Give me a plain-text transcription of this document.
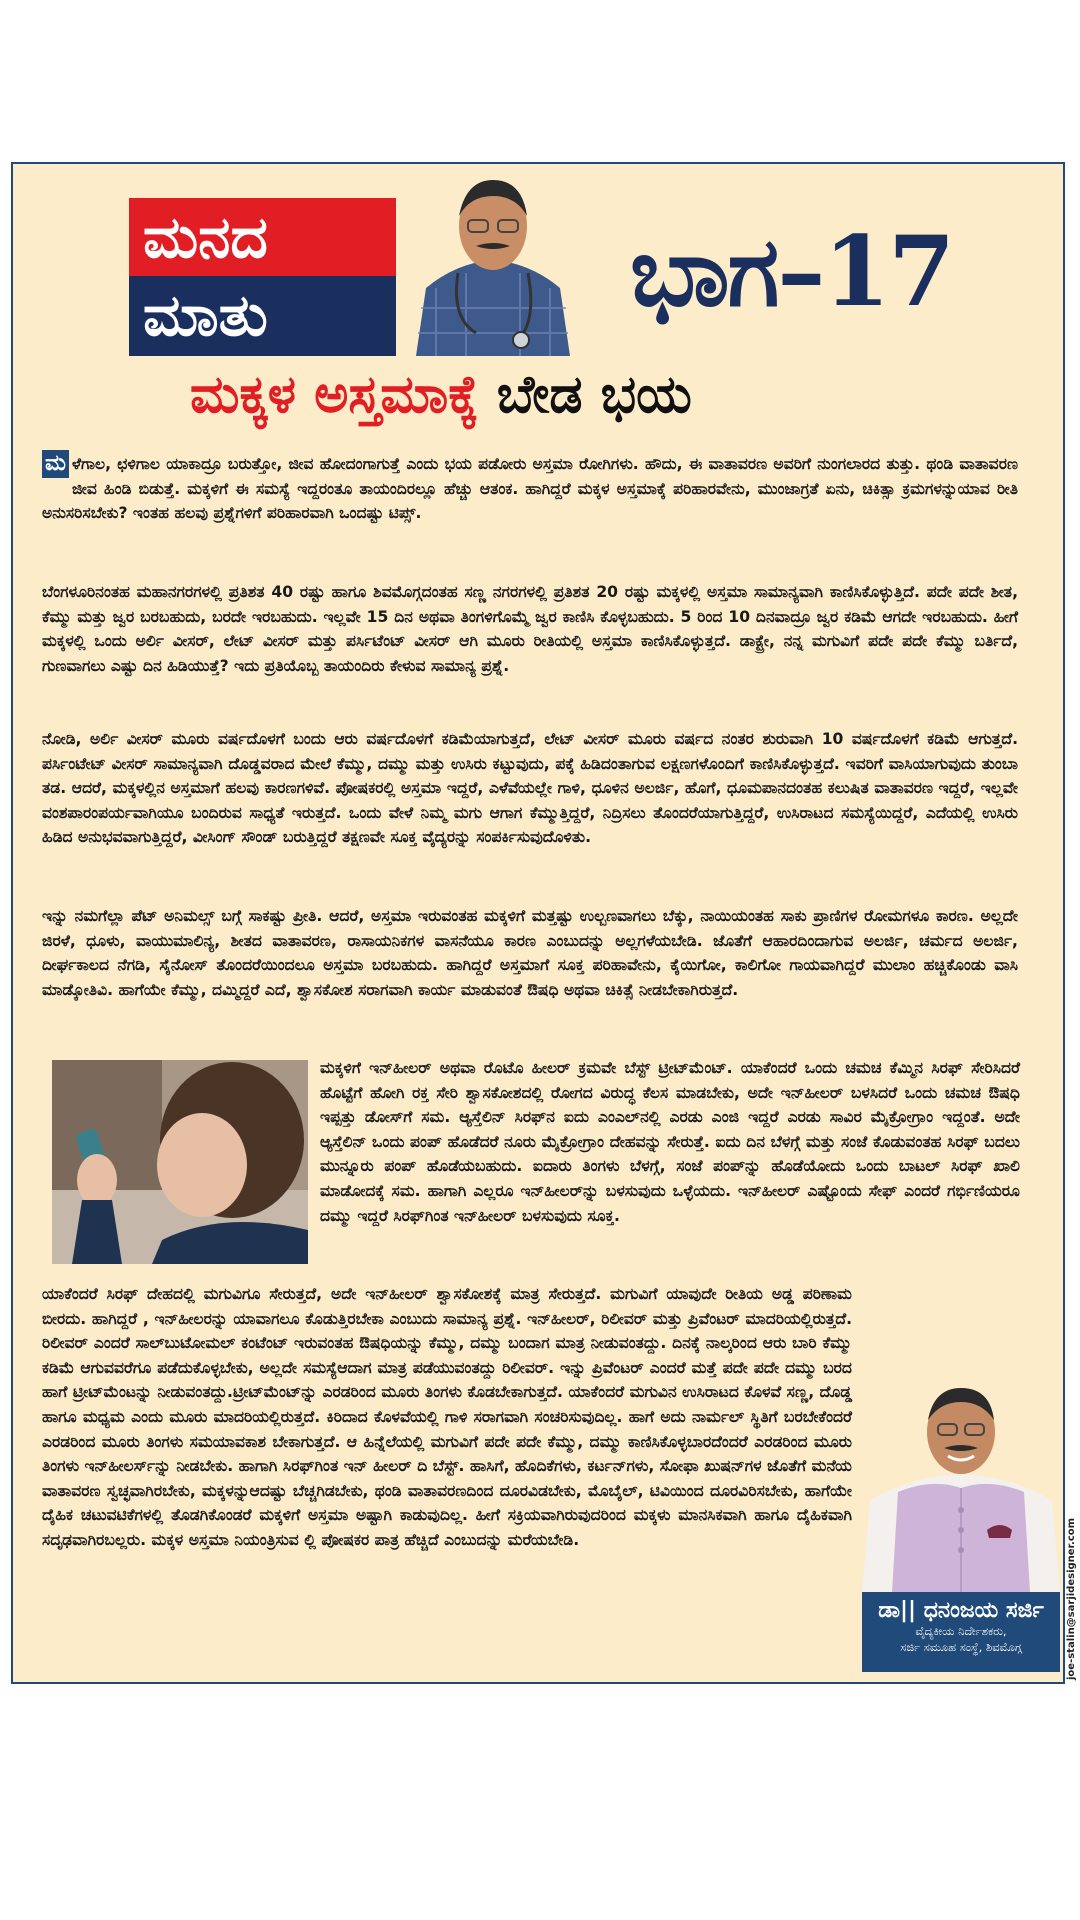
ಮನದ
ಮಾತು	ಭಾಗ–17
ಮಕ್ಕಳ ಅಸ್ತಮಾಕ್ಕೆ ಬೇಡ ಭಯ
ಮ ಳೆಗಾಲ, ಛಳಿಗಾಲ ಯಾಕಾದ್ರೂ ಬರುತ್ತೋ, ಜೀವ ಹೋದಂಗಾಗುತ್ತೆ ಎಂದು ಭಯ ಪಡೋರು ಅಸ್ತಮಾ ರೋಗಿಗಳು. ಹೌದು, ಈ ವಾತಾವರಣ ಅವರಿಗೆ ನುಂಗಲಾರದ ತುತ್ತು. ಥಂಡಿ ವಾತಾವರಣ ಜೀವ ಹಿಂಡಿ ಬಿಡುತ್ತೆ. ಮಕ್ಕಳಿಗೆ ಈ ಸಮಸ್ಯೆ ಇದ್ದರಂತೂ ತಾಯಂದಿರಲ್ಲೂ ಹೆಚ್ಚು ಆತಂಕ. ಹಾಗಿದ್ದರೆ ಮಕ್ಕಳ ಅಸ್ತಮಾಕ್ಕೆ ಪರಿಹಾರವೇನು, ಮುಂಜಾಗ್ರತೆ ಏನು, ಚಿಕಿತ್ಸಾ ಕ್ರಮಗಳನ್ನುಯಾವ ರೀತಿ ಅನುಸರಿಸಬೇಕು? ಇಂತಹ ಹಲವು ಪ್ರಶ್ನೆಗಳಿಗೆ ಪರಿಹಾರವಾಗಿ ಒಂದಷ್ಟು ಟಿಪ್ಸ್.
ಬೆಂಗಳೂರಿನಂತಹ ಮಹಾನಗರಗಳಲ್ಲಿ ಪ್ರತಿಶತ 40 ರಷ್ಟು ಹಾಗೂ ಶಿವಮೊಗ್ಗದಂತಹ ಸಣ್ಣ ನಗರಗಳಲ್ಲಿ ಪ್ರತಿಶತ 20 ರಷ್ಟು ಮಕ್ಕಳಲ್ಲಿ ಅಸ್ತಮಾ ಸಾಮಾನ್ಯವಾಗಿ ಕಾಣಿಸಿಕೊಳ್ಳುತ್ತಿದೆ. ಪದೇ ಪದೇ ಶೀತ, ಕೆಮ್ಮು ಮತ್ತು ಜ್ವರ ಬರಬಹುದು, ಬರದೇ ಇರಬಹುದು. ಇಲ್ಲವೇ 15 ದಿನ ಅಥವಾ ತಿಂಗಳಿಗೊಮ್ಮೆ ಜ್ವರ ಕಾಣಿಸಿ ಕೊಳ್ಳಬಹುದು. 5 ರಿಂದ 10 ದಿನವಾದ್ರೂ ಜ್ವರ ಕಡಿಮೆ ಆಗದೇ ಇರಬಹುದು. ಹೀಗೆ ಮಕ್ಕಳಲ್ಲಿ ಒಂದು ಅರ್ಲಿ ವೀಸರ್, ಲೇಟ್ ವೀಸರ್ ಮತ್ತು ಪರ್ಸಿಟೆಂಟ್ ವೀಸರ್ ಆಗಿ ಮೂರು ರೀತಿಯಲ್ಲಿ ಅಸ್ತಮಾ ಕಾಣಿಸಿಕೊಳ್ಳುತ್ತದೆ. ಡಾಕ್ಟ್ರೇ, ನನ್ನ ಮಗುವಿಗೆ ಪದೇ ಪದೇ ಕೆಮ್ಮು ಬರ್ತಿದೆ, ಗುಣವಾಗಲು ಎಷ್ಟು ದಿನ ಹಿಡಿಯುತ್ತೆ? ಇದು ಪ್ರತಿಯೊಬ್ಬ ತಾಯಂದಿರು ಕೇಳುವ ಸಾಮಾನ್ಯ ಪ್ರಶ್ನೆ.
ನೋಡಿ, ಅರ್ಲಿ ವೀಸರ್ ಮೂರು ವರ್ಷದೊಳಗೆ ಬಂದು ಆರು ವರ್ಷದೊಳಗೆ ಕಡಿಮೆಯಾಗುತ್ತದೆ, ಲೇಟ್ ವೀಸರ್ ಮೂರು ವರ್ಷದ ನಂತರ ಶುರುವಾಗಿ 10 ವರ್ಷದೊಳಗೆ ಕಡಿಮೆ ಆಗುತ್ತದೆ. ಪರ್ಸಿಂಟೇಟ್ ವೀಸರ್ ಸಾಮಾನ್ಯವಾಗಿ ದೊಡ್ಡವರಾದ ಮೇಲೆ ಕೆಮ್ಮು, ದಮ್ಮು ಮತ್ತು ಉಸಿರು ಕಟ್ಟುವುದು, ಪಕ್ಕೆ ಹಿಡಿದಂತಾಗುವ ಲಕ್ಷಣಗಳೊಂದಿಗೆ ಕಾಣಿಸಿಕೊಳ್ಳುತ್ತದೆ. ಇವರಿಗೆ ವಾಸಿಯಾಗುವುದು ತುಂಬಾ ತಡ. ಆದರೆ, ಮಕ್ಕಳಲ್ಲಿನ ಅಸ್ತಮಾಗೆ ಹಲವು ಕಾರಣಗಳಿವೆ. ಪೋಷಕರಲ್ಲಿ ಅಸ್ತಮಾ ಇದ್ದರೆ, ಎಳೆವೆಯಲ್ಲೇ ಗಾಳಿ, ಧೂಳಿನ ಅಲರ್ಜಿ, ಹೊಗೆ, ಧೂಮಪಾನದಂತಹ ಕಲುಷಿತ ವಾತಾವರಣ ಇದ್ದರೆ, ಇಲ್ಲವೇ ವಂಶಪಾರಂಪರ್ಯವಾಗಿಯೂ ಬಂದಿರುವ ಸಾಧ್ಯತೆ ಇರುತ್ತದೆ. ಒಂದು ವೇಳೆ ನಿಮ್ಮ ಮಗು ಆಗಾಗ ಕೆಮ್ಮುತ್ತಿದ್ದರೆ, ನಿದ್ರಿಸಲು ತೊಂದರೆಯಾಗುತ್ತಿದ್ದರೆ, ಉಸಿರಾಟದ ಸಮಸ್ಯೆಯಿದ್ದರೆ, ಎದೆಯಲ್ಲಿ ಉಸಿರು ಹಿಡಿದ ಅನುಭವವಾಗುತ್ತಿದ್ದರೆ, ವೀಸಿಂಗ್ ಸೌಂಡ್ ಬರುತ್ತಿದ್ದರೆ ತಕ್ಷಣವೇ ಸೂಕ್ತ ವೈದ್ಯರನ್ನು ಸಂಪರ್ಕಿಸುವುದೊಳಿತು.
ಇನ್ನು ನಮಗೆಲ್ಲಾ ಪೆಟ್ ಅನಿಮಲ್ಸ್ ಬಗ್ಗೆ ಸಾಕಷ್ಟು ಪ್ರೀತಿ. ಆದರೆ, ಅಸ್ತಮಾ ಇರುವಂತಹ ಮಕ್ಕಳಿಗೆ ಮತ್ತಷ್ಟು ಉಲ್ಬಣವಾಗಲು ಬೆಕ್ಕು, ನಾಯಿಯಂತಹ ಸಾಕು ಪ್ರಾಣಿಗಳ ರೋಮಗಳೂ ಕಾರಣ. ಅಲ್ಲದೇ ಜಿರಳೆ, ಧೂಳು, ವಾಯುಮಾಲಿನ್ಯ, ಶೀತದ ವಾತಾವರಣ, ರಾಸಾಯನಿಕಗಳ ವಾಸನೆಯೂ ಕಾರಣ ಎಂಬುದನ್ನು ಅಲ್ಲಗಳೆಯಬೇಡಿ. ಜೊತೆಗೆ ಆಹಾರದಿಂದಾಗುವ ಅಲರ್ಜಿ, ಚರ್ಮದ ಅಲರ್ಜಿ, ದೀರ್ಘಕಾಲದ ನೆಗಡಿ, ಸೈನೋಸ್ ತೊಂದರೆಯಿಂದಲೂ ಅಸ್ತಮಾ ಬರಬಹುದು. ಹಾಗಿದ್ದರೆ ಅಸ್ತಮಾಗೆ ಸೂಕ್ತ ಪರಿಹಾವೇನು, ಕೈಯಿಗೋ, ಕಾಲಿಗೋ ಗಾಯವಾಗಿದ್ದರೆ ಮುಲಾಂ ಹಚ್ಚಿಕೊಂಡು ವಾಸಿ ಮಾಡ್ಕೋತಿವಿ. ಹಾಗೆಯೇ ಕೆಮ್ಮು, ದಮ್ಮಿದ್ದರೆ ಎದೆ, ಶ್ವಾಸಕೋಶ ಸರಾಗವಾಗಿ ಕಾರ್ಯ ಮಾಡುವಂತೆ ಔಷಧಿ ಅಥವಾ ಚಿಕಿತ್ಸೆ ನೀಡಬೇಕಾಗಿರುತ್ತದೆ.
ಮಕ್ಕಳಿಗೆ ಇನ್‌ಹೀಲರ್ ಅಥವಾ ರೊಟೊ ಹೀಲರ್ ಕ್ರಮವೇ ಬೆಸ್ಟ್ ಟ್ರೀಟ್‌ಮೆಂಟ್. ಯಾಕೆಂದರೆ ಒಂದು ಚಮಚ ಕೆಮ್ಮಿನ ಸಿರಫ್ ಸೇರಿಸಿದರೆ ಹೊಟ್ಟೆಗೆ ಹೋಗಿ ರಕ್ತ ಸೇರಿ ಶ್ವಾಸಕೋಶದಲ್ಲಿ ರೋಗದ ವಿರುದ್ಧ ಕೆಲಸ ಮಾಡಬೇಕು, ಅದೇ ಇನ್‌ಹೀಲರ್ ಬಳಸಿದರೆ ಒಂದು ಚಮಚ ಔಷಧಿ ಇಪ್ಪತ್ತು ಡೋಸ್‌ಗೆ ಸಮ. ಆ್ಯಸ್ತೆಲಿನ್ ಸಿರಫ್‌ನ ಐದು ಎಂಎಲ್‌ನಲ್ಲಿ ಎರಡು ಎಂಜಿ ಇದ್ದರೆ ಎರಡು ಸಾವಿರ ಮೈಕ್ರೋಗ್ರಾಂ ಇದ್ದಂತೆ. ಅದೇ ಆ್ಯಸ್ತೆಲಿನ್ ಒಂದು ಪಂಪ್ ಹೊಡೆದರೆ ನೂರು ಮೈಕ್ರೋಗ್ರಾಂ ದೇಹವನ್ನು ಸೇರುತ್ತೆ. ಐದು ದಿನ ಬೆಳಗ್ಗೆ ಮತ್ತು ಸಂಜೆ ಕೊಡುವಂತಹ ಸಿರಫ್ ಬದಲು ಮುನ್ನೂರು ಪಂಪ್ ಹೊಡೆಯಬಹುದು. ಐದಾರು ತಿಂಗಳು ಬೆಳಗ್ಗೆ, ಸಂಜೆ ಪಂಪ್‌ನ್ನು ಹೊಡೆಯೋದು ಒಂದು ಬಾಟಲ್ ಸಿರಫ್ ಖಾಲಿ ಮಾಡೋದಕ್ಕೆ ಸಮ. ಹಾಗಾಗಿ ಎಲ್ಲರೂ ಇನ್‌ಹೀಲರ್‌ನ್ನು ಬಳಸುವುದು ಒಳ್ಳೆಯದು. ಇನ್‌ಹೀಲರ್ ಎಷ್ಟೊಂದು ಸೇಫ್ ಎಂದರೆ ಗರ್ಭಿಣಿಯರೂ ದಮ್ಮು ಇದ್ದರೆ ಸಿರಫ್‌ಗಿಂತ ಇನ್‌ಹೀಲರ್ ಬಳಸುವುದು ಸೂಕ್ತ.
ಯಾಕೆಂದರೆ ಸಿರಫ್ ದೇಹದಲ್ಲಿ ಮಗುವಿಗೂ ಸೇರುತ್ತದೆ, ಅದೇ ಇನ್‌ಹೀಲರ್ ಶ್ವಾಸಕೋಶಕ್ಕೆ ಮಾತ್ರ ಸೇರುತ್ತದೆ. ಮಗುವಿಗೆ ಯಾವುದೇ ರೀತಿಯ ಅಡ್ಡ ಪರಿಣಾಮ ಬೀರದು. ಹಾಗಿದ್ದರೆ , ಇನ್‌ಹೀಲರನ್ನು ಯಾವಾಗಲೂ ಕೊಡುತ್ತಿರಬೇಕಾ ಎಂಬುದು ಸಾಮಾನ್ಯ ಪ್ರಶ್ನೆ. ಇನ್‌ಹೀಲರ್, ರಿಲೀವರ್ ಮತ್ತು ಪ್ರಿವೆಂಟರ್ ಮಾದರಿಯಲ್ಲಿರುತ್ತದೆ. ರಿಲೀವರ್ ಎಂದರೆ ಸಾಲ್‌ಬುಟೋಮಲ್ ಕಂಟೆಂಟ್ ಇರುವಂತಹ ಔಷಧಿಯನ್ನು ಕೆಮ್ಮು, ದಮ್ಮು ಬಂದಾಗ ಮಾತ್ರ ನೀಡುವಂತದ್ದು. ದಿನಕ್ಕೆ ನಾಲ್ಕರಿಂದ ಆರು ಬಾರಿ ಕೆಮ್ಮು ಕಡಿಮೆ ಆಗುವವರೆಗೂ ಪಡೆದುಕೊಳ್ಳಬೇಕು, ಅಲ್ಲದೇ ಸಮಸ್ಯೆಆದಾಗ ಮಾತ್ರ ಪಡೆಯುವಂತದ್ದು ರಿಲೀವರ್. ಇನ್ನು ಪ್ರಿವೆಂಟರ್ ಎಂದರೆ ಮತ್ತೆ ಪದೇ ಪದೇ ದಮ್ಮು ಬರದ ಹಾಗೆ ಟ್ರೀಟ್‌ಮೆಂಟನ್ನು ನೀಡುವಂತದ್ದು.ಟ್ರೀಟ್‌ಮೆಂಟ್‌ನ್ನು ಎರಡರಿಂದ ಮೂರು ತಿಂಗಳು ಕೊಡಬೇಕಾಗುತ್ತದೆ. ಯಾಕೆಂದರೆ ಮಗುವಿನ ಉಸಿರಾಟದ ಕೊಳವೆ ಸಣ್ಣ, ದೊಡ್ಡ ಹಾಗೂ ಮಧ್ಯಮ ಎಂದು ಮೂರು ಮಾದರಿಯಲ್ಲಿರುತ್ತದೆ. ಕಿರಿದಾದ ಕೊಳವೆಯಲ್ಲಿ ಗಾಳಿ ಸರಾಗವಾಗಿ ಸಂಚರಿಸುವುದಿಲ್ಲ. ಹಾಗೆ ಅದು ನಾರ್ಮಲ್ ಸ್ಥಿತಿಗೆ ಬರಬೇಕೆಂದರೆ ಎರಡರಿಂದ ಮೂರು ತಿಂಗಳು ಸಮಯಾವಕಾಶ ಬೇಕಾಗುತ್ತದೆ. ಆ ಹಿನ್ನೆಲೆಯಲ್ಲಿ ಮಗುವಿಗೆ ಪದೇ ಪದೇ ಕೆಮ್ಮು, ದಮ್ಮು ಕಾಣಿಸಿಕೊಳ್ಳಬಾರದೆಂದರೆ ಎರಡರಿಂದ ಮೂರು ತಿಂಗಳು ಇನ್‌ಹೀಲರ್ಸ್‌ನ್ನು ನೀಡಬೇಕು. ಹಾಗಾಗಿ ಸಿರಫ್‌ಗಿಂತ ಇನ್ ಹೀಲರ್ ದಿ ಬೆಸ್ಟ್. ಹಾಸಿಗೆ, ಹೊದಿಕೆಗಳು, ಕರ್ಟನ್‌ಗಳು, ಸೋಫಾ ಖುಷನ್‌ಗಳ ಜೊತೆಗೆ ಮನೆಯ ವಾತಾವರಣ ಸ್ವಚ್ಛವಾಗಿರಬೇಕು, ಮಕ್ಕಳನ್ನುಆದಷ್ಟು ಬೆಚ್ಚಗಿಡಬೇಕು, ಥಂಡಿ ವಾತಾವರಣದಿಂದ ದೂರವಿಡಬೇಕು, ಮೊಬೈಲ್, ಟಿವಿಯಿಂದ ದೂರವಿರಿಸಬೇಕು, ಹಾಗೆಯೇ ದೈಹಿಕ ಚಟುವಟಿಕೆಗಳಲ್ಲಿ ತೊಡಗಿಕೊಂಡರೆ ಮಕ್ಕಳಿಗೆ ಅಸ್ತಮಾ ಅಷ್ಟಾಗಿ ಕಾಡುವುದಿಲ್ಲ. ಹೀಗೆ ಸಕ್ರಿಯವಾಗಿರುವುದರಿಂದ ಮಕ್ಕಳು ಮಾನಸಿಕವಾಗಿ ಹಾಗೂ ದೈಹಿಕವಾಗಿ ಸದೃಢವಾಗಿರಬಲ್ಲರು. ಮಕ್ಕಳ ಅಸ್ತಮಾ ನಿಯಂತ್ರಿಸುವ ಲ್ಲಿ ಪೋಷಕರ ಪಾತ್ರ ಹೆಚ್ಚಿದೆ ಎಂಬುದನ್ನು ಮರೆಯಬೇಡಿ.
ಡಾ|| ಧನಂಜಯ ಸರ್ಜಿ
ವೈದ್ಯಕೀಯ ನಿರ್ದೇಶಕರು,
ಸರ್ಜಿ ಸಮೂಹ ಸಂಸ್ಥೆ, ಶಿವಮೊಗ್ಗ	joe-stalin@sarjidesigner.com
